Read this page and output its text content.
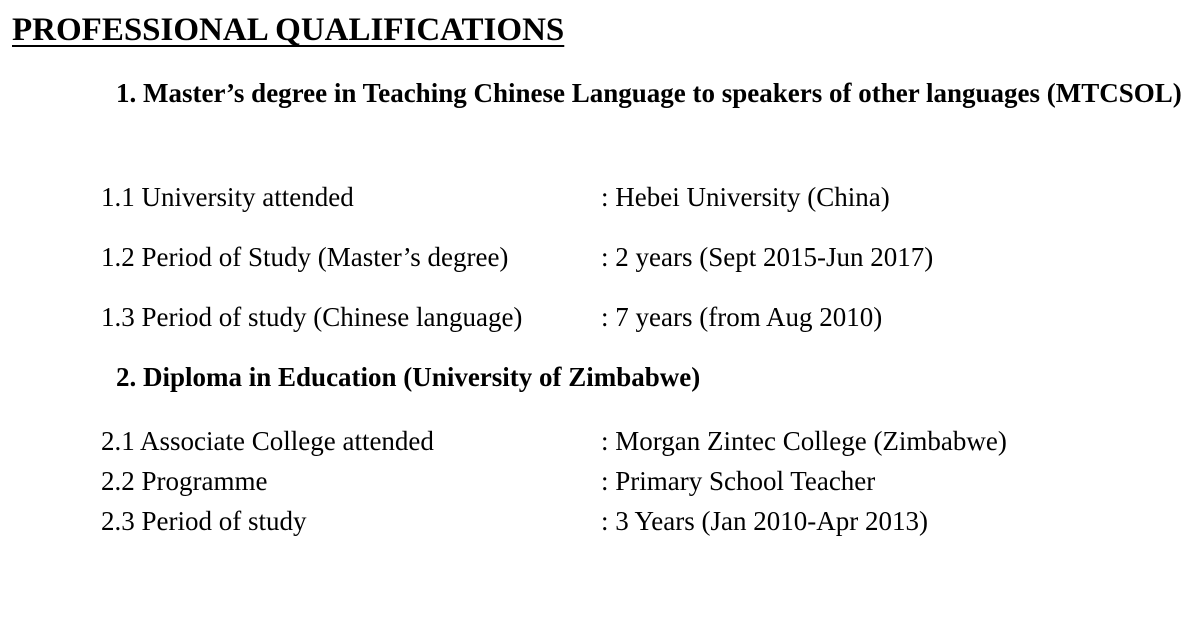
PROFESSIONAL QUALIFICATIONS

1. Master’s degree in Teaching Chinese Language to speakers of other languages (MTCSOL)

1.1 University attended	: Hebei University (China)
1.2 Period of Study (Master’s degree)	: 2 years (Sept 2015-Jun 2017)
1.3 Period of study (Chinese language)	: 7 years (from Aug 2010)

2. Diploma in Education (University of Zimbabwe)

2.1 Associate College attended	: Morgan Zintec College (Zimbabwe)
2.2 Programme	: Primary School Teacher
2.3 Period of study	: 3 Years (Jan 2010-Apr 2013)
